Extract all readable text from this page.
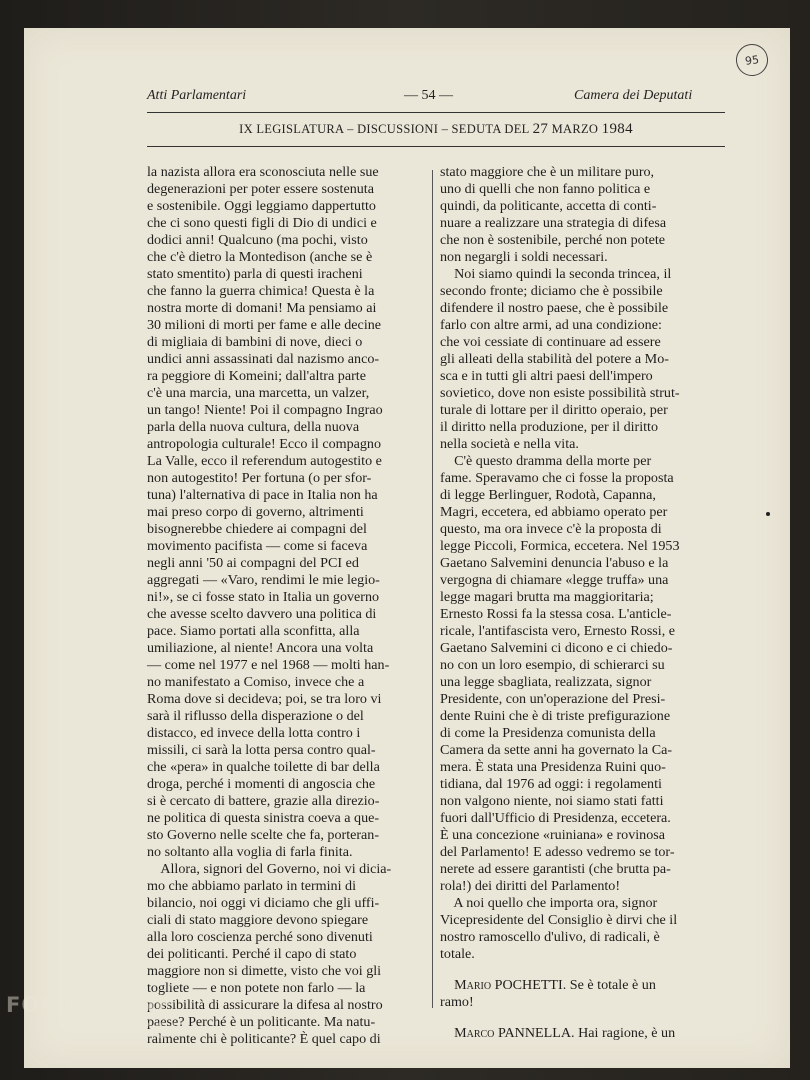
95
Atti Parlamentari	— 54 —	Camera dei Deputati
IX LEGISLATURA – DISCUSSIONI – SEDUTA DEL 27 MARZO 1984

la nazista allora era sconosciuta nelle sue

degenerazioni per poter essere sostenuta

e sostenibile. Oggi leggiamo dappertutto

che ci sono questi figli di Dio di undici e

dodici anni! Qualcuno (ma pochi, visto

che c'è dietro la Montedison (anche se è

stato smentito) parla di questi iracheni

che fanno la guerra chimica! Questa è la

nostra morte di domani! Ma pensiamo ai

30 milioni di morti per fame e alle decine

di migliaia di bambini di nove, dieci o

undici anni assassinati dal nazismo anco-

ra peggiore di Komeini; dall'altra parte

c'è una marcia, una marcetta, un valzer,

un tango! Niente! Poi il compagno Ingrao

parla della nuova cultura, della nuova

antropologia culturale! Ecco il compagno

La Valle, ecco il referendum autogestito e

non autogestito! Per fortuna (o per sfor-

tuna) l'alternativa di pace in Italia non ha

mai preso corpo di governo, altrimenti

bisognerebbe chiedere ai compagni del

movimento pacifista — come si faceva

negli anni '50 ai compagni del PCI ed

aggregati — «Varo, rendimi le mie legio-

ni!», se ci fosse stato in Italia un governo

che avesse scelto davvero una politica di

pace. Siamo portati alla sconfitta, alla

umiliazione, al niente! Ancora una volta

— come nel 1977 e nel 1968 — molti han-

no manifestato a Comiso, invece che a

Roma dove si decideva; poi, se tra loro vi

sarà il riflusso della disperazione o del

distacco, ed invece della lotta contro i

missili, ci sarà la lotta persa contro qual-

che «pera» in qualche toilette di bar della

droga, perché i momenti di angoscia che

si è cercato di battere, grazie alla direzio-

ne politica di questa sinistra coeva a que-

sto Governo nelle scelte che fa, porteran-

no soltanto alla voglia di farla finita.

Allora, signori del Governo, noi vi dicia-

mo che abbiamo parlato in termini di

bilancio, noi oggi vi diciamo che gli uffi-

ciali di stato maggiore devono spiegare

alla loro coscienza perché sono divenuti

dei politicanti. Perché il capo di stato

maggiore non si dimette, visto che voi gli

togliete — e non potete non farlo — la

possibilità di assicurare la difesa al nostro

paese? Perché è un politicante. Ma natu-

ralmente chi è politicante? È quel capo di

stato maggiore che è un militare puro,

uno di quelli che non fanno politica e

quindi, da politicante, accetta di conti-

nuare a realizzare una strategia di difesa

che non è sostenibile, perché non potete

non negargli i soldi necessari.

Noi siamo quindi la seconda trincea, il

secondo fronte; diciamo che è possibile

difendere il nostro paese, che è possibile

farlo con altre armi, ad una condizione:

che voi cessiate di continuare ad essere

gli alleati della stabilità del potere a Mo-

sca e in tutti gli altri paesi dell'impero

sovietico, dove non esiste possibilità strut-

turale di lottare per il diritto operaio, per

il diritto nella produzione, per il diritto

nella società e nella vita.

C'è questo dramma della morte per

fame. Speravamo che ci fosse la proposta

di legge Berlinguer, Rodotà, Capanna,

Magri, eccetera, ed abbiamo operato per

questo, ma ora invece c'è la proposta di

legge Piccoli, Formica, eccetera. Nel 1953

Gaetano Salvemini denuncia l'abuso e la

vergogna di chiamare «legge truffa» una

legge magari brutta ma maggioritaria;

Ernesto Rossi fa la stessa cosa. L'anticle-

ricale, l'antifascista vero, Ernesto Rossi, e

Gaetano Salvemini ci dicono e ci chiedo-

no con un loro esempio, di schierarci su

una legge sbagliata, realizzata, signor

Presidente, con un'operazione del Presi-

dente Ruini che è di triste prefigurazione

di come la Presidenza comunista della

Camera da sette anni ha governato la Ca-

mera. È stata una Presidenza Ruini quo-

tidiana, dal 1976 ad oggi: i regolamenti

non valgono niente, noi siamo stati fatti

fuori dall'Ufficio di Presidenza, eccetera.

È una concezione «ruiniana» e rovinosa

del Parlamento! E adesso vedremo se tor-

nerete ad essere garantisti (che brutta pa-

rola!) dei diritti del Parlamento!

A noi quello che importa ora, signor

Vicepresidente del Consiglio è dirvi che il

nostro ramoscello d'ulivo, di radicali, è

totale.

Mario POCHETTI. Se è totale è un

ramo!

Marco PANNELLA. Hai ragione, è un

FONDAZIONE
GRAMSCI
